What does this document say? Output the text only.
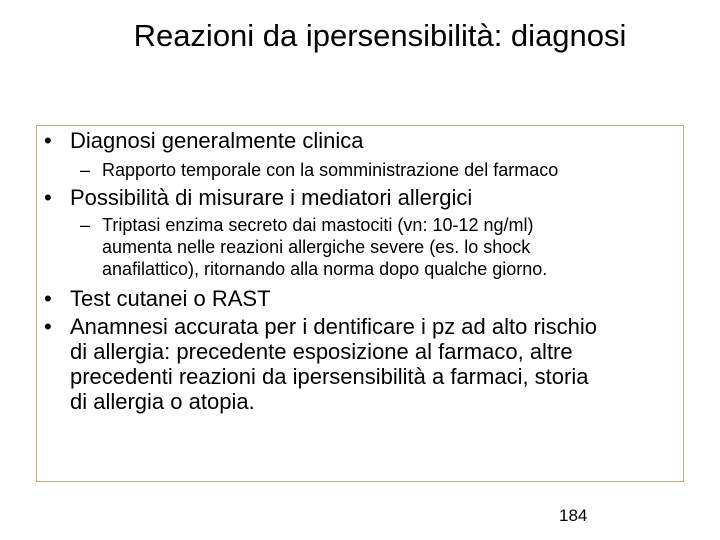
Reazioni da ipersensibilità: diagnosi
• Diagnosi generalmente clinica
– Rapporto temporale con la somministrazione del farmaco
• Possibilità di misurare i mediatori allergici
– Triptasi enzima secreto dai mastociti (vn: 10-12 ng/ml)
aumenta nelle reazioni allergiche severe (es. lo shock
anafilattico), ritornando alla norma dopo qualche giorno.
• Test cutanei o RAST
• Anamnesi accurata per i dentificare i pz ad alto rischio
di allergia: precedente esposizione al farmaco, altre
precedenti reazioni da ipersensibilità a farmaci, storia
di allergia o atopia.
184
